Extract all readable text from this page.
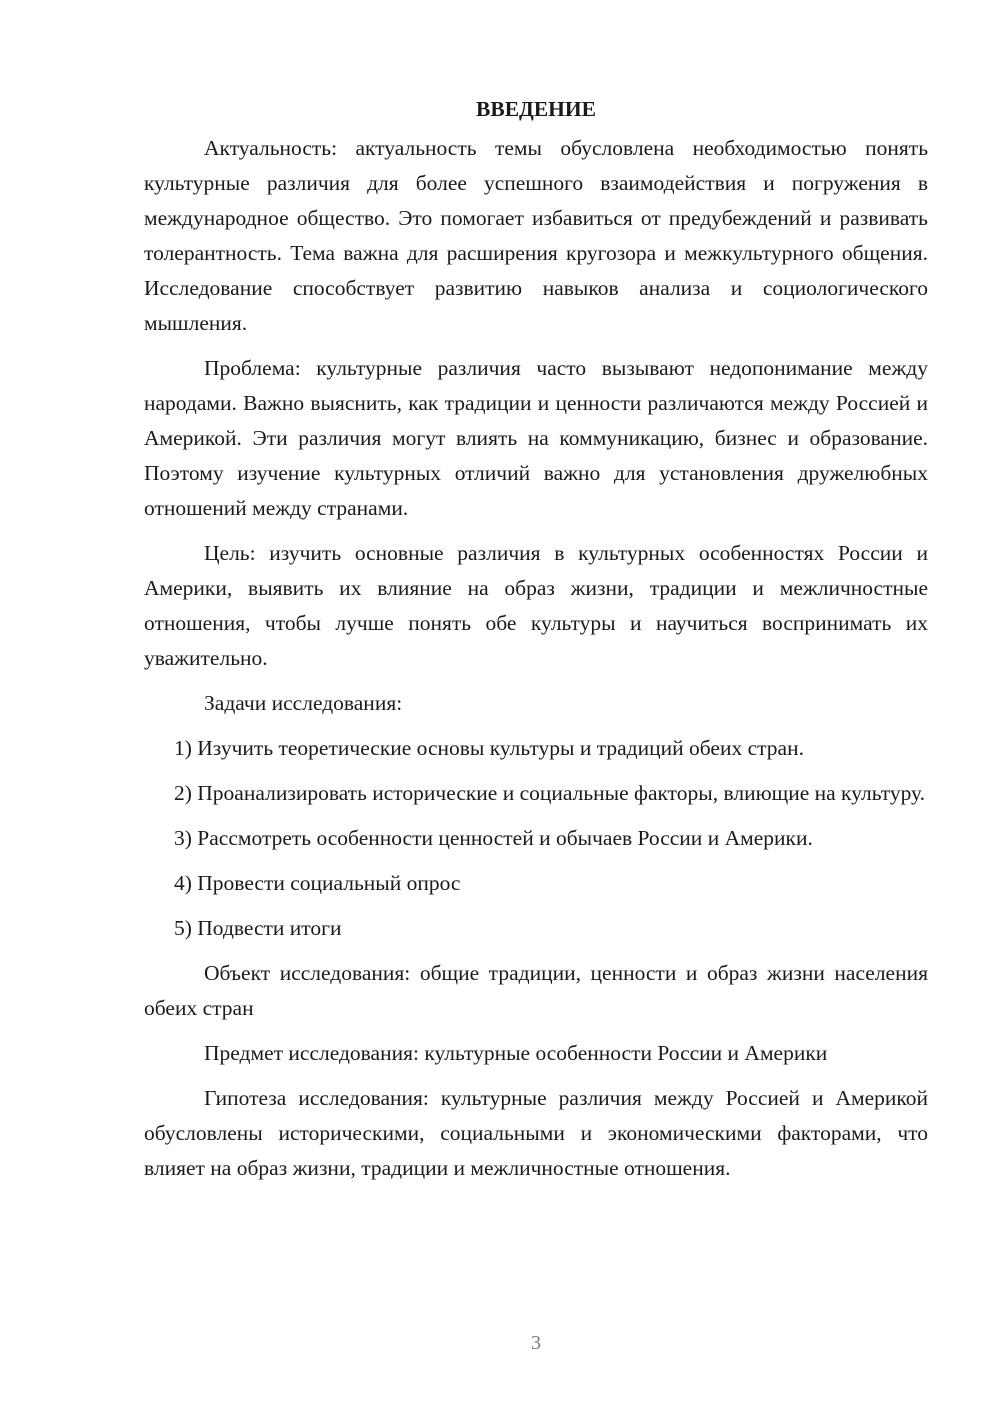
ВВЕДЕНИЕ

Актуальность: актуальность темы обусловлена необходимостью понять культурные различия для более успешного взаимодействия и погружения в международное общество. Это помогает избавиться от предубеждений и развивать толерантность. Тема важна для расширения кругозора и межкультурного общения. Исследование способствует развитию навыков анализа и социологического мышления.

Проблема: культурные различия часто вызывают недопонимание между народами. Важно выяснить, как традиции и ценности различаются между Россией и Америкой. Эти различия могут влиять на коммуникацию, бизнес и образование. Поэтому изучение культурных отличий важно для установления дружелюбных отношений между странами.

Цель: изучить основные различия в культурных особенностях России и Америки, выявить их влияние на образ жизни, традиции и межличностные отношения, чтобы лучше понять обе культуры и научиться воспринимать их уважительно.

Задачи исследования:

1) Изучить теоретические основы культуры и традиций обеих стран.

2) Проанализировать исторические и социальные факторы, влиющие на культуру.

3) Рассмотреть особенности ценностей и обычаев России и Америки.

4) Провести социальный опрос

5) Подвести итоги

Объект исследования: общие традиции, ценности и образ жизни населения обеих стран

Предмет исследования: культурные особенности России и Америки

Гипотеза исследования: культурные различия между Россией и Америкой обусловлены историческими, социальными и экономическими факторами, что влияет на образ жизни, традиции и межличностные отношения.

3
